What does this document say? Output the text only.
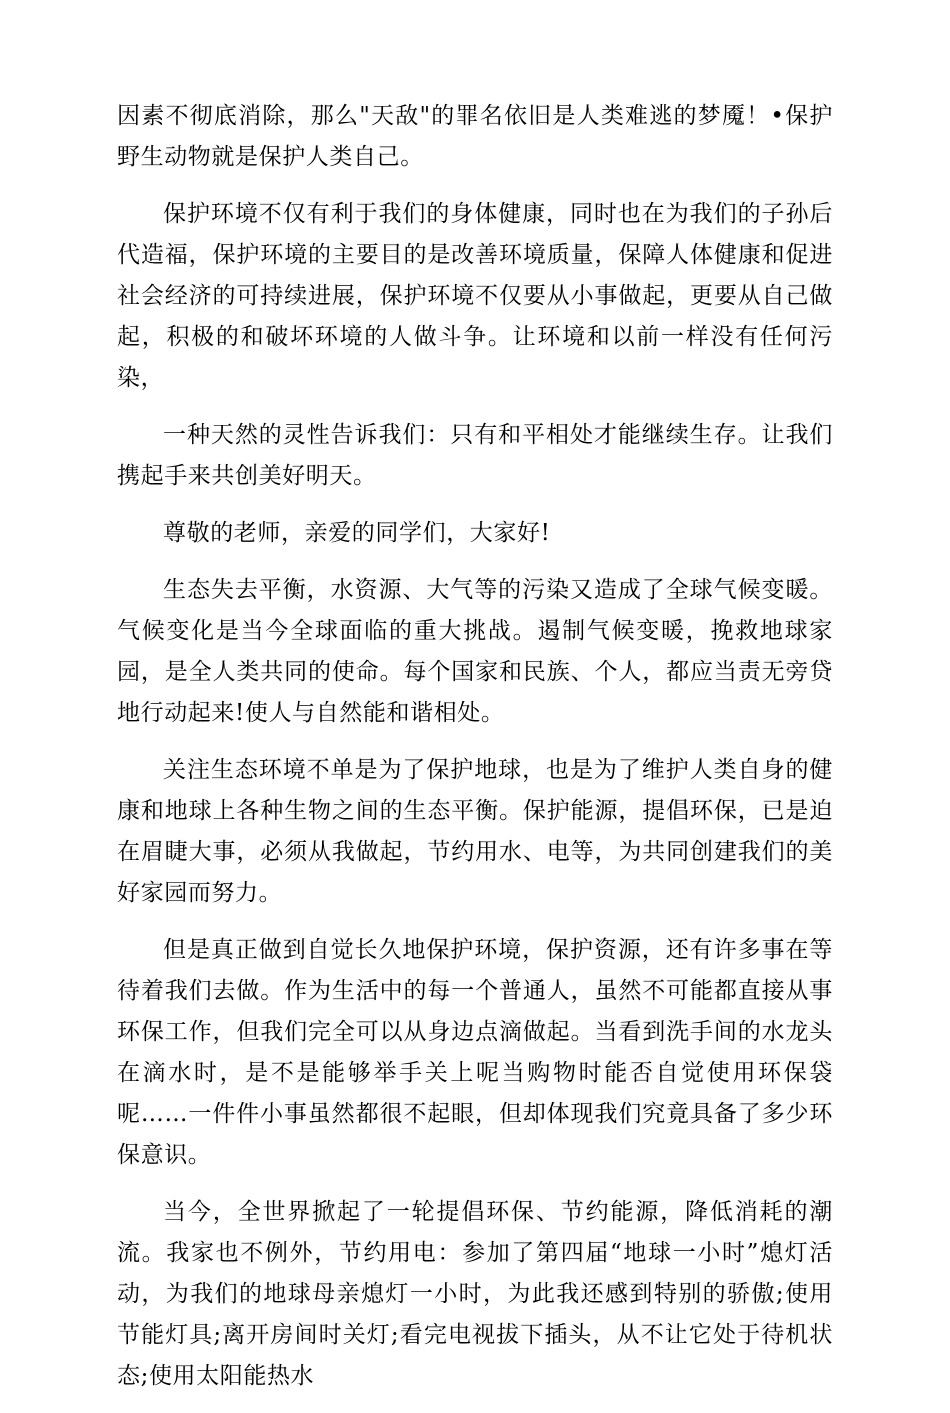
因素不彻底消除，那么"天敌"的罪名依旧是人类难逃的梦魇！•保护野生动物就是保护人类自己。

保护环境不仅有利于我们的身体健康，同时也在为我们的子孙后代造福，保护环境的主要目的是改善环境质量，保障人体健康和促进社会经济的可持续进展，保护环境不仅要从小事做起，更要从自己做起，积极的和破坏环境的人做斗争。让环境和以前一样没有任何污染，

一种天然的灵性告诉我们：只有和平相处才能继续生存。让我们携起手来共创美好明天。

尊敬的老师，亲爱的同学们，大家好!

生态失去平衡，水资源、大气等的污染又造成了全球气候变暖。气候变化是当今全球面临的重大挑战。遏制气候变暖，挽救地球家园，是全人类共同的使命。每个国家和民族、个人，都应当责无旁贷地行动起来!使人与自然能和谐相处。

关注生态环境不单是为了保护地球，也是为了维护人类自身的健康和地球上各种生物之间的生态平衡。保护能源，提倡环保，已是迫在眉睫大事，必须从我做起，节约用水、电等，为共同创建我们的美好家园而努力。

但是真正做到自觉长久地保护环境，保护资源，还有许多事在等待着我们去做。作为生活中的每一个普通人，虽然不可能都直接从事环保工作，但我们完全可以从身边点滴做起。当看到洗手间的水龙头在滴水时，是不是能够举手关上呢当购物时能否自觉使用环保袋呢……一件件小事虽然都很不起眼，但却体现我们究竟具备了多少环保意识。

当今，全世界掀起了一轮提倡环保、节约能源，降低消耗的潮流。我家也不例外，节约用电：参加了第四届“地球一小时”熄灯活动，为我们的地球母亲熄灯一小时，为此我还感到特别的骄傲;使用节能灯具;离开房间时关灯;看完电视拔下插头，从不让它处于待机状态;使用太阳能热水
